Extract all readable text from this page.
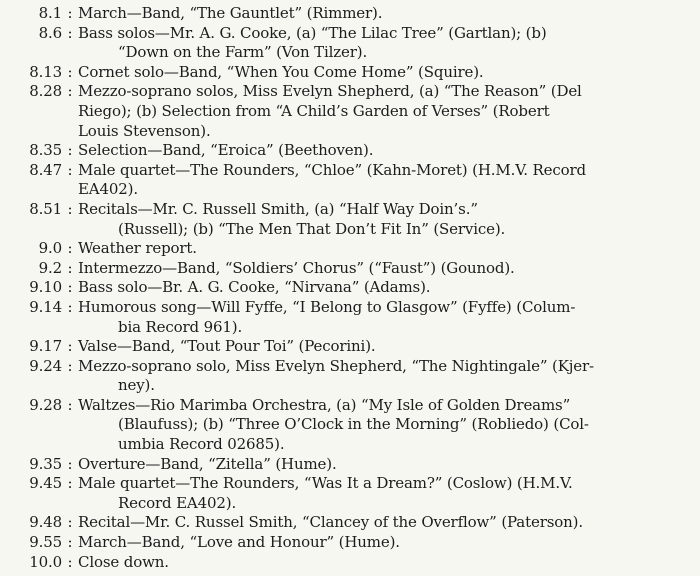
8.1 : March—Band, “The Gauntlet” (Rimmer).
8.6 : Bass solos—Mr. A. G. Cooke, (a) “The Lilac Tree” (Gartlan); (b)
“Down on the Farm” (Von Tilzer).
8.13 : Cornet solo—Band, “When You Come Home” (Squire).
8.28 : Mezzo-soprano solos, Miss Evelyn Shepherd, (a) “The Reason” (Del
Riego); (b) Selection from “A Child’s Garden of Verses” (Robert
Louis Stevenson).
8.35 : Selection—Band, “Eroica” (Beethoven).
8.47 : Male quartet—The Rounders, “Chloe” (Kahn-Moret) (H.M.V. Record
EA402).
8.51 : Recitals—Mr. C. Russell Smith, (a) “Half Way Doin’s.”
(Russell); (b) “The Men That Don’t Fit In” (Service).
9.0 : Weather report.
9.2 : Intermezzo—Band, “Soldiers’ Chorus” (“Faust”) (Gounod).
9.10 : Bass solo—Br. A. G. Cooke, “Nirvana” (Adams).
9.14 : Humorous song—Will Fyffe, “I Belong to Glasgow” (Fyffe) (Colum-
bia Record 961).
9.17 : Valse—Band, “Tout Pour Toi” (Pecorini).
9.24 : Mezzo-soprano solo, Miss Evelyn Shepherd, “The Nightingale” (Kjer-
ney).
9.28 : Waltzes—Rio Marimba Orchestra, (a) “My Isle of Golden Dreams”
(Blaufuss); (b) “Three O’Clock in the Morning” (Robliedo) (Col-
umbia Record 02685).
9.35 : Overture—Band, “Zitella” (Hume).
9.45 : Male quartet—The Rounders, “Was It a Dream?” (Coslow) (H.M.V.
Record EA402).
9.48 : Recital—Mr. C. Russel Smith, “Clancey of the Overflow” (Paterson).
9.55 : March—Band, “Love and Honour” (Hume).
10.0 : Close down.
